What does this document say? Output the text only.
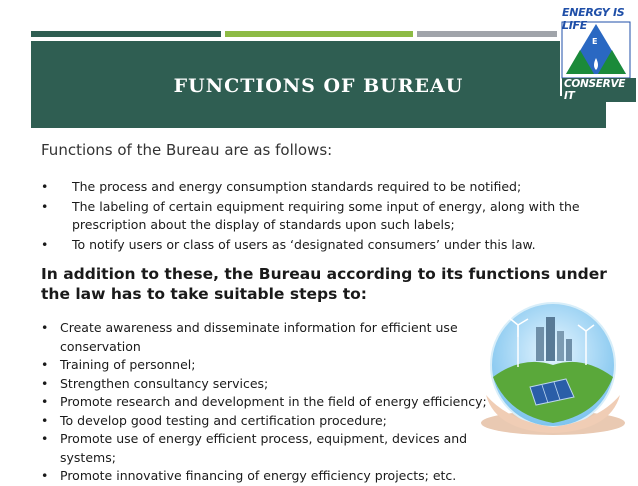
FUNCTIONS OF BUREAU
B
E
E
ENERGY IS LIFE
CONSERVE IT
Functions of the Bureau are as follows:
• The process and energy consumption standards required to be notified;
• The labeling of certain equipment requiring some input of energy, along with the prescription about the display of standards upon such labels;
• To notify users or class of users as ‘designated consumers’ under this law.
In addition to these, the Bureau according to its functions under the law has to take suitable steps to:
• Create awareness and disseminate information for efficient use conservation
• Training of personnel;
• Strengthen consultancy services;
• Promote research and development in the field of energy efficiency;
• To develop good testing and certification procedure;
• Promote use of energy efficient process, equipment, devices and systems;
• Promote innovative financing of energy efficiency projects; etc.
